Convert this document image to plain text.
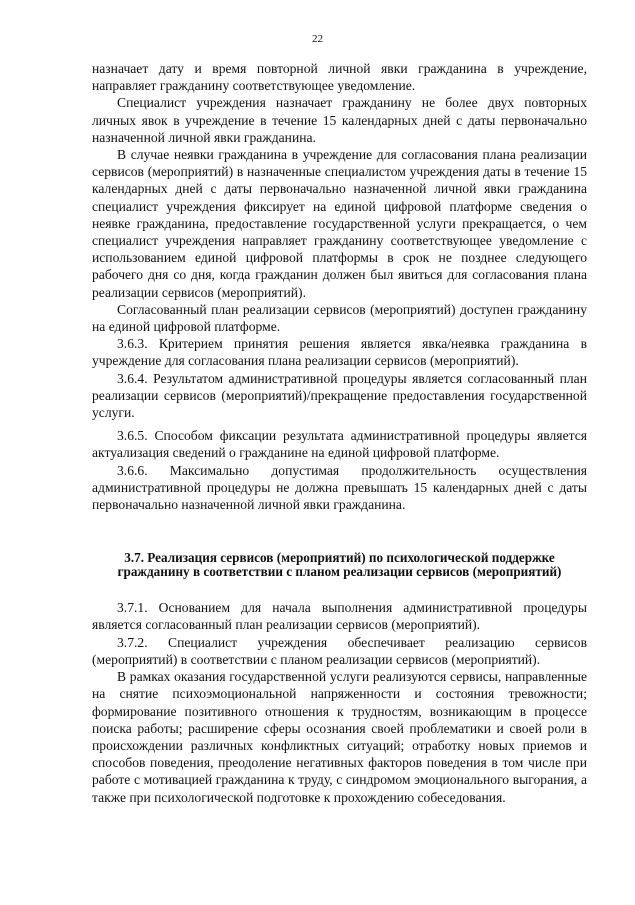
22

назначает дату и время повторной личной явки гражданина в учреждение, направляет гражданину соответствующее уведомление.

Специалист учреждения назначает гражданину не более двух повторных личных явок в учреждение в течение 15 календарных дней с даты первоначально назначенной личной явки гражданина.

В случае неявки гражданина в учреждение для согласования плана реализации сервисов (мероприятий) в назначенные специалистом учреждения даты в течение 15 календарных дней с даты первоначально назначенной личной явки гражданина специалист учреждения фиксирует на единой цифровой платформе сведения о неявке гражданина, предоставление государственной услуги прекращается, о чем специалист учреждения направляет гражданину соответствующее уведомление с использованием единой цифровой платформы в срок не позднее следующего рабочего дня со дня, когда гражданин должен был явиться для согласования плана реализации сервисов (мероприятий).

Согласованный план реализации сервисов (мероприятий) доступен гражданину на единой цифровой платформе.

3.6.3. Критерием принятия решения является явка/неявка гражданина в учреждение для согласования плана реализации сервисов (мероприятий).

3.6.4. Результатом административной процедуры является согласованный план реализации сервисов (мероприятий)/прекращение предоставления государственной услуги.

3.6.5. Способом фиксации результата административной процедуры является актуализация сведений о гражданине на единой цифровой платформе.

3.6.6. Максимально допустимая продолжительность осуществления административной процедуры не должна превышать 15 календарных дней с даты первоначально назначенной личной явки гражданина.

3.7. Реализация сервисов (мероприятий) по психологической поддержке гражданину в соответствии с планом реализации сервисов (мероприятий)

3.7.1. Основанием для начала выполнения административной процедуры является согласованный план реализации сервисов (мероприятий).

3.7.2. Специалист учреждения обеспечивает реализацию сервисов (мероприятий) в соответствии с планом реализации сервисов (мероприятий).

В рамках оказания государственной услуги реализуются сервисы, направленные на снятие психоэмоциональной напряженности и состояния тревожности; формирование позитивного отношения к трудностям, возникающим в процессе поиска работы; расширение сферы осознания своей проблематики и своей роли в происхождении различных конфликтных ситуаций; отработку новых приемов и способов поведения, преодоление негативных факторов поведения в том числе при работе с мотивацией гражданина к труду, с синдромом эмоционального выгорания, а также при психологической подготовке к прохождению собеседования.
